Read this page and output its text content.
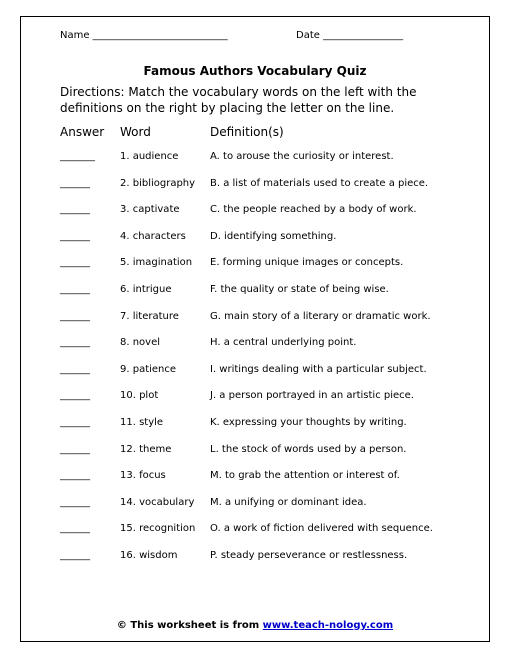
Name ___________________________	Date ________________
Famous Authors Vocabulary Quiz
Directions: Match the vocabulary words on the left with the definitions on the right by placing the letter on the line.
Answer Word	Definition(s)
_______	1. audience	A. to arouse the curiosity or interest.
______	2. bibliography B. a list of materials used to create a piece.
______	3. captivate	C. the people reached by a body of work.
______	4. characters D. identifying something.
______	5. imagination E. forming unique images or concepts.
______	6. intrigue	F. the quality or state of being wise.
______	7. literature	G. main story of a literary or dramatic work.
______	8. novel	H. a central underlying point.
______	9. patience	I. writings dealing with a particular subject.
______	10. plot	J. a person portrayed in an artistic piece.
______	11. style	K. expressing your thoughts by writing.
______	12. theme	L. the stock of words used by a person.
______	13. focus	M. to grab the attention or interest of.
______	14. vocabulary M. a unifying or dominant idea.
______	15. recognition O. a work of fiction delivered with sequence.
______	16. wisdom	P. steady perseverance or restlessness.
© This worksheet is from www.teach-nology.com
